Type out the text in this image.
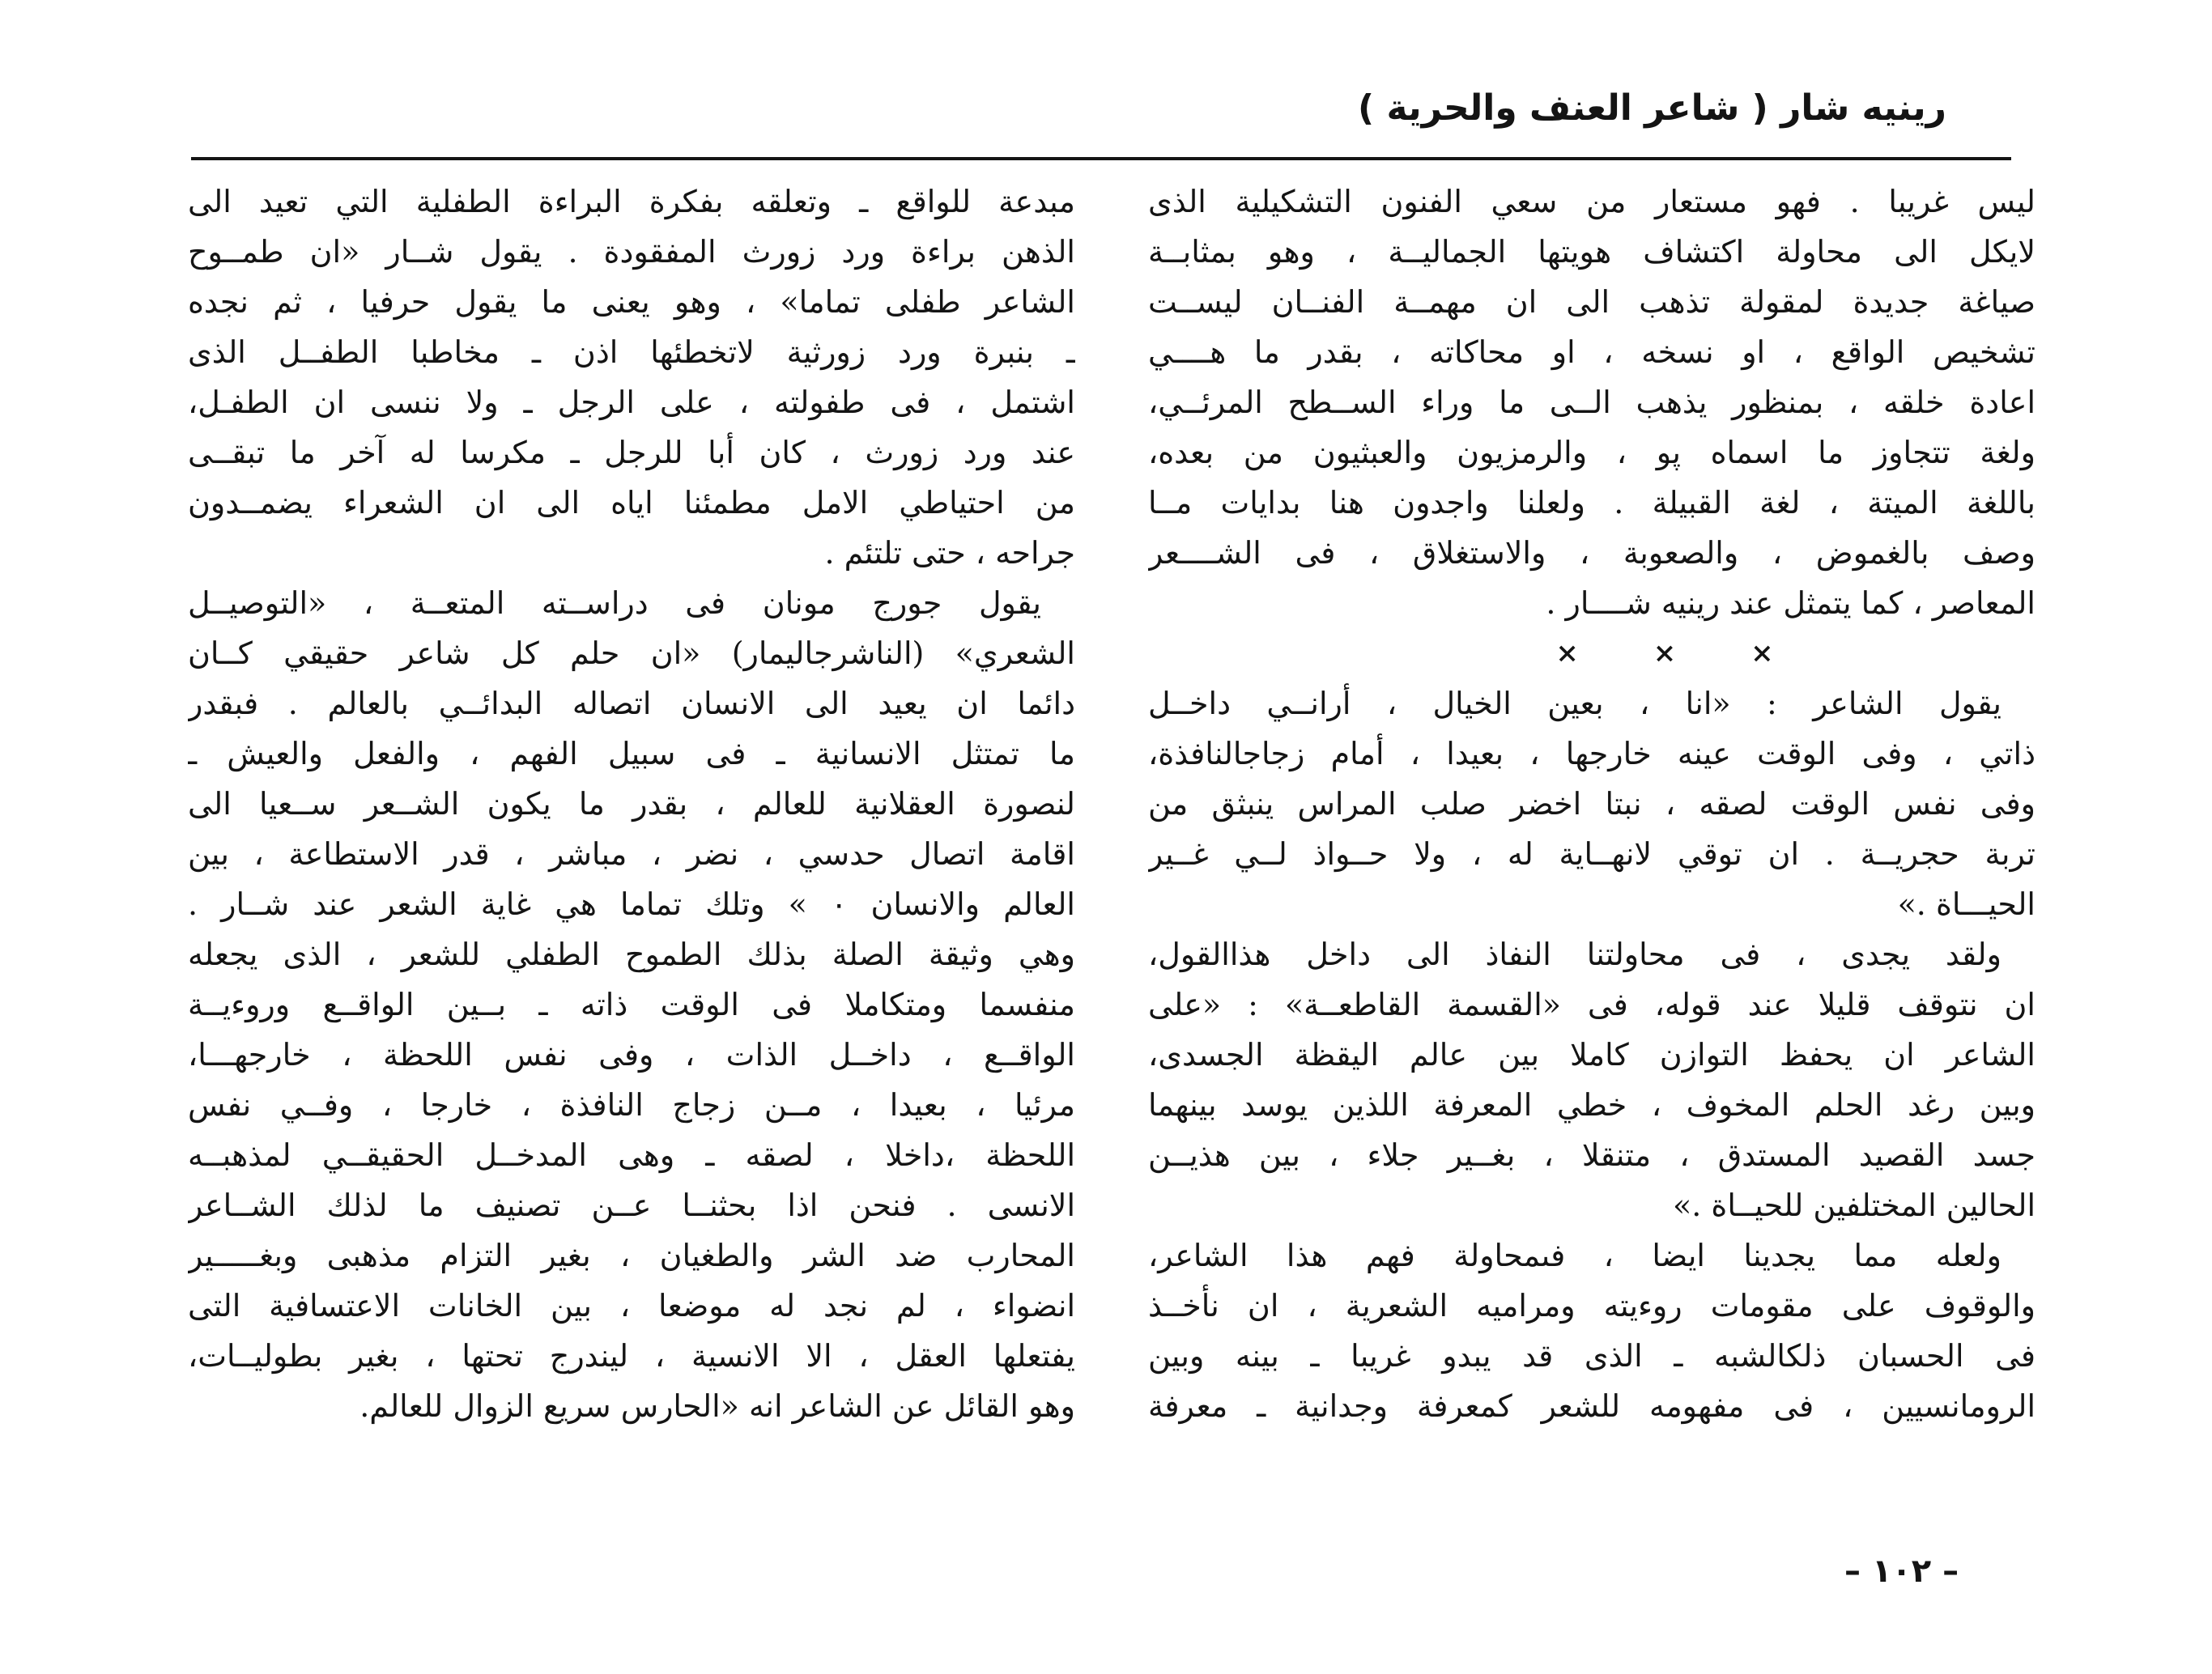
رينيه شار ( شاعر العنف والحرية )
ليس غريبا . فهو مستعار من سعي الفنون التشكيلية الذى
لايكل الى محاولة اكتشاف هويتها الجماليــة ، وهو بمثابــة
صياغة جديدة لمقولة تذهب الى ان مهمــة الفنــان ليســت
تشخيص الواقع ، او نسخه ، او محاكاته ، بقدر ما هــــي
اعادة خلقه ، بمنظور يذهب الــى ما وراء الســطح المرئــي،
ولغة تتجاوز ما اسماه پو ، والرمزيون والعبثيون من بعده،
باللغة الميتة ، لغة القبيلة . ولعلنا واجدون هنا بدايات مــا
وصف بالغموض ، والصعوبة ، والاستغلاق ، فى الشــــعر
المعاصر ، كما يتمثل عند رينيه شــــار .
× × ×
يقول الشاعر : «انا ، بعين الخيال ، أرانــي داخــل
ذاتي ، وفى الوقت عينه خارجها ، بعيدا ، أمام زجاجالنافذة،
وفى نفس الوقت لصقه ، نبتا اخضر صلب المراس ينبثق من
تربة حجريــة . ان توقي لانهــاية له ، ولا حــواذ لــي غــير
الحيـــاة .»
ولقد يجدى ، فى محاولتنا النفاذ الى داخل هذاالقول،
ان نتوقف قليلا عند قوله، فى «القسمة القاطعــة» : «على
الشاعر ان يحفظ التوازن كاملا بين عالم اليقظة الجسدى،
وبين رغد الحلم المخوف ، خطي المعرفة اللذين يوسد بينهما
جسد القصيد المستدق ، متنقلا ، بغــير جلاء ، بين هذيــن
الحالين المختلفين للحيــاة .»
ولعله مما يجدينا ايضا ، فىمحاولة فهم هذا الشاعر،
والوقوف على مقومات روءيته ومراميه الشعرية ، ان نأخــذ
فى الحسبان ذلكالشبه ـ الذى قد يبدو غريبا ـ بينه وبين
الرومانسيين ، فى مفهومه للشعر كمعرفة وجدانية ـ معرفة
مبدعة للواقع ـ وتعلقه بفكرة البراءة الطفلية التي تعيد الى
الذهن براءة ورد زورث المفقودة . يقول شــار «ان طمــوح
الشاعر طفلى تماما» ، وهو يعنى ما يقول حرفيا ، ثم نجده
ـ بنبرة ورد زورثية لاتخطئها اذن ـ مخاطبا الطفــل الذى
اشتمل ، فى طفولته ، على الرجل ـ ولا ننسى ان الطفـل،
عند ورد زورث ، كان أبا للرجل ـ مكرسا له آخر ما تبقــى
من احتياطي الامل مطمئنا اياه الى ان الشعراء يضمــدون
جراحه ، حتى تلتئم .
يقول جورج مونان فى دراســته المتعــة ، «التوصيــل
الشعري» (الناشرجاليمار) «ان حلم كل شاعر حقيقي كــان
دائما ان يعيد الى الانسان اتصاله البدائــي بالعالم . فبقدر
ما تمتثل الانسانية ـ فى سبيل الفهم ، والفعل والعيش ـ
لنصورة العقلانية للعالم ، بقدر ما يكون الشــعر ســعيا الى
اقامة اتصال حدسي ، نضر ، مباشر ، قدر الاستطاعة ، بين
العالم والانسان ٠ » وتلك تماما هي غاية الشعر عند شــار .
وهي وثيقة الصلة بذلك الطموح الطفلي للشعر ، الذى يجعله
منفسما ومتكاملا فى الوقت ذاته ـ بــين الواقــع وروءيــة
الواقــع ، داخــل الذات ، وفى نفس اللحظة ، خارجهـــا،
مرئيا ، بعيدا ، مــن زجاج النافذة ، خارجا ، وفــي نفس
اللحظة ،داخلا ، لصقه ـ وهى المدخــل الحقيقــي لمذهبــه
الانسى . فنحن اذا بحثنــا عــن تصنيف ما لذلك الشــاعر
المحارب ضد الشر والطغيان ، بغير التزام مذهبى وبغـــــير
انضواء ، لم نجد له موضعا ، بين الخانات الاعتسافية التى
يفتعلها العقل ، الا الانسية ، ليندرج تحتها ، بغير بطوليــات،
وهو القائل عن الشاعر انه «الحارس سريع الزوال للعالم.
– ١٠٢ –
